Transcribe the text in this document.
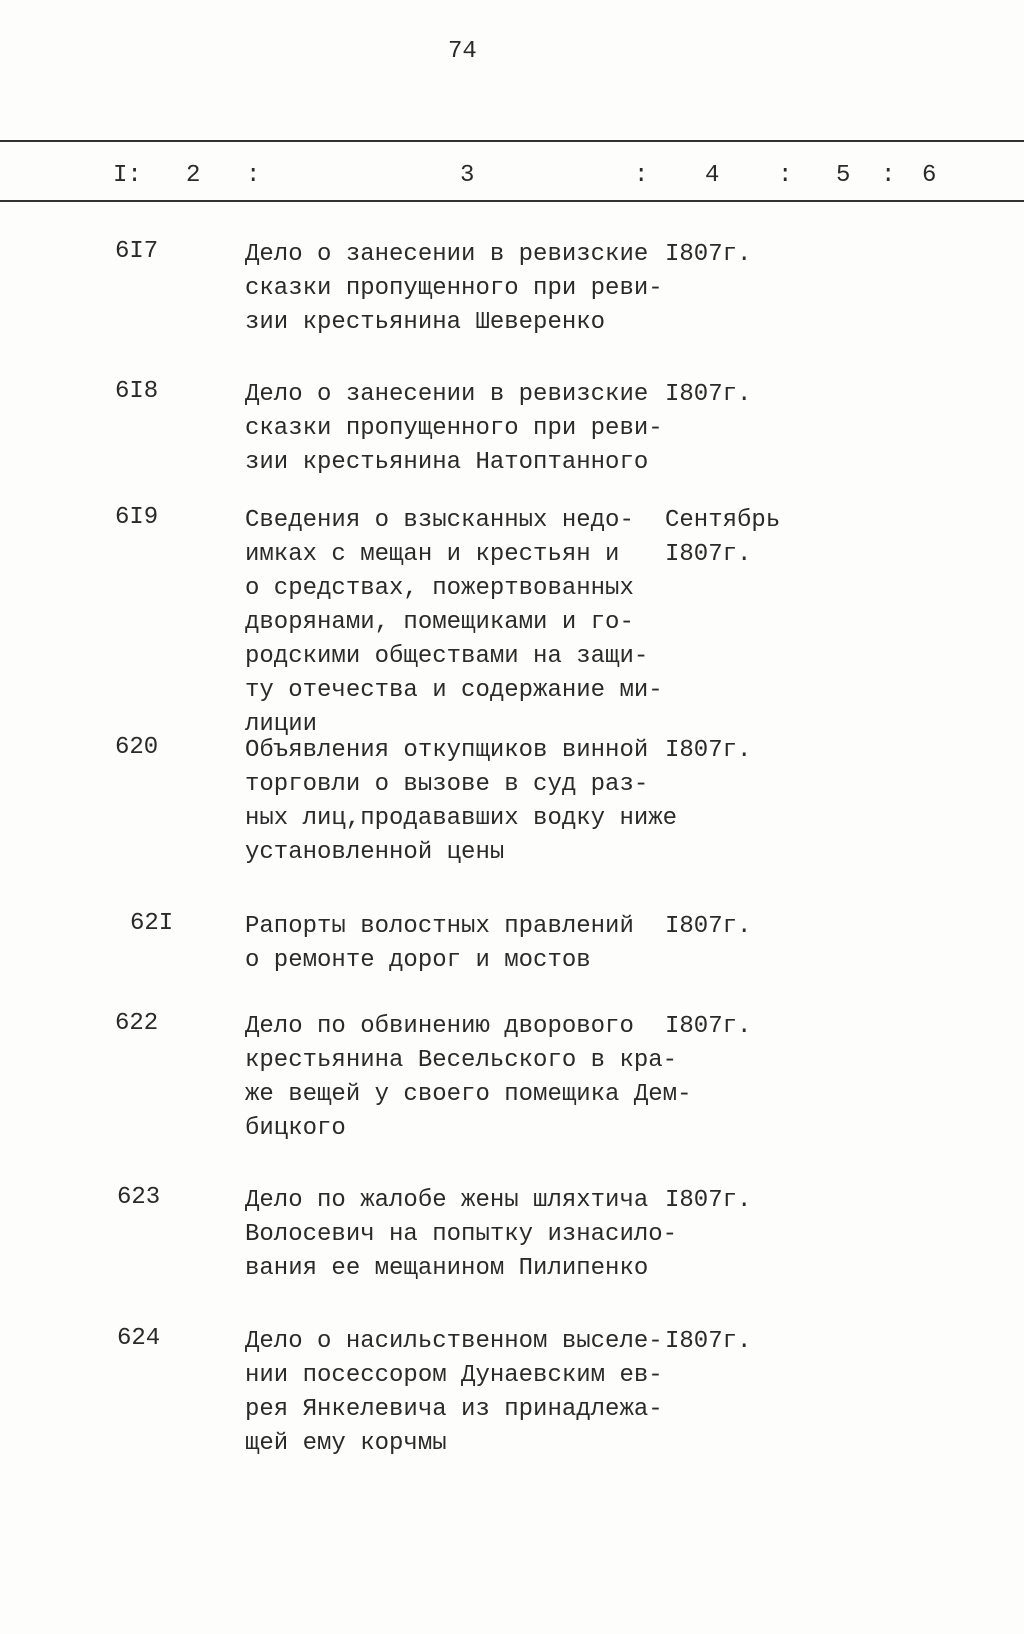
74
I: 2 :	3	: 4 : 5 : 6
6I7	Дело о занесении в ревизские
сказки пропущенного при реви-
зии крестьянина Шеверенко
I807г.
6I8	Дело о занесении в ревизские
сказки пропущенного при реви-
зии крестьянина Натоптанного
I807г.
6I9	Сведения о взысканных недо-
имках с мещан и крестьян и
о средствах, пожертвованных
дворянами, помещиками и го-
родскими обществами на защи-
ту отечества и содержание ми-
лиции
Сентябрь
I807г.
620	Объявления откупщиков винной
торговли о вызове в суд раз-
ных лиц,продававших водку ниже
установленной цены
I807г.
62I	Рапорты волостных правлений
о ремонте дорог и мостов
I807г.
622	Дело по обвинению дворового
крестьянина Весельского в кра-
же вещей у своего помещика Дем-
бицкого
I807г.
623	Дело по жалобе жены шляхтича
Волосевич на попытку изнасило-
вания ее мещанином Пилипенко
I807г.
624	Дело о насильственном выселе-
нии посессором Дунаевским ев-
рея Янкелевича из принадлежа-
щей ему корчмы
I807г.
